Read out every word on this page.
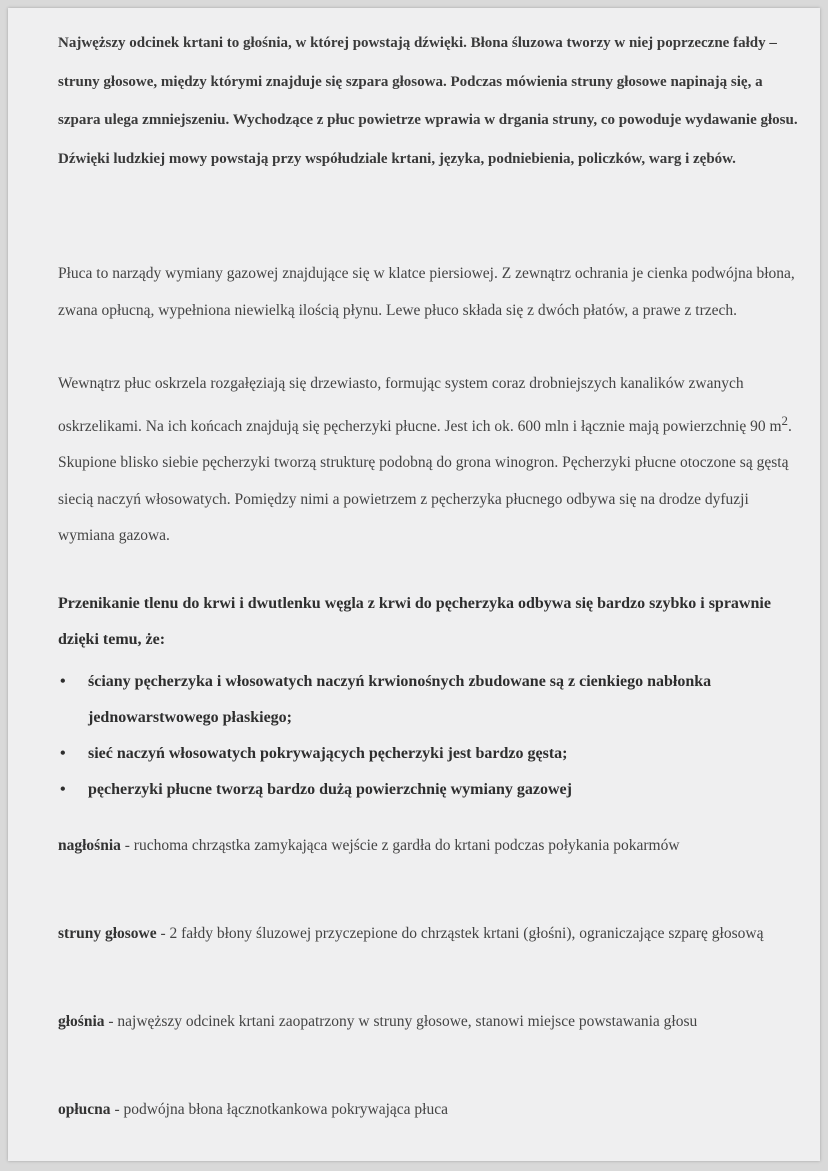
Najwęższy odcinek krtani to głośnia, w której powstają dźwięki. Błona śluzowa tworzy w niej poprzeczne fałdy – struny głosowe, między którymi znajduje się szpara głosowa. Podczas mówienia struny głosowe napinają się, a szpara ulega zmniejszeniu. Wychodzące z płuc powietrze wprawia w drgania struny, co powoduje wydawanie głosu. Dźwięki ludzkiej mowy powstają przy współudziale krtani, języka, podniebienia, policzków, warg i zębów.
Płuca to narządy wymiany gazowej znajdujące się w klatce piersiowej. Z zewnątrz ochrania je cienka podwójna błona, zwana opłucną, wypełniona niewielką ilością płynu. Lewe płuco składa się z dwóch płatów, a prawe z trzech.
Wewnątrz płuc oskrzela rozgałęziają się drzewiasto, formując system coraz drobniejszych kanalików zwanych oskrzelikami. Na ich końcach znajdują się pęcherzyki płucne. Jest ich ok. 600 mln i łącznie mają powierzchnię 90 $m^2$. Skupione blisko siebie pęcherzyki tworzą strukturę podobną do grona winogron. Pęcherzyki płucne otoczone są gęstą siecią naczyń włosowatych. Pomiędzy nimi a powietrzem z pęcherzyka płucnego odbywa się na drodze dyfuzji wymiana gazowa.
Przenikanie tlenu do krwi i dwutlenku węgla z krwi do pęcherzyka odbywa się bardzo szybko i sprawnie dzięki temu, że:
• ściany pęcherzyka i włosowatych naczyń krwionośnych zbudowane są z cienkiego nabłonka jednowarstwowego płaskiego;
• sieć naczyń włosowatych pokrywających pęcherzyki jest bardzo gęsta;
• pęcherzyki płucne tworzą bardzo dużą powierzchnię wymiany gazowej
nagłośnia - ruchoma chrząstka zamykająca wejście z gardła do krtani podczas połykania pokarmów
struny głosowe - 2 fałdy błony śluzowej przyczepione do chrząstek krtani (głośni), ograniczające szparę głosową
głośnia - najwęższy odcinek krtani zaopatrzony w struny głosowe, stanowi miejsce powstawania głosu
opłucna - podwójna błona łącznotkankowa pokrywająca płuca
